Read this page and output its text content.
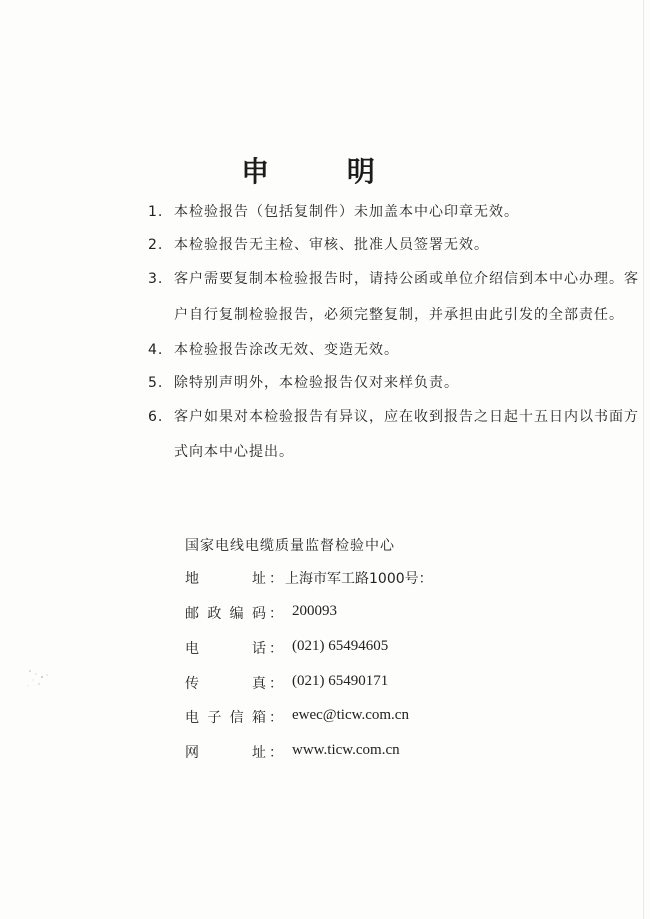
申 明
1. 本检验报告（包括复制件）未加盖本中心印章无效。
2. 本检验报告无主检、审核、批准人员签署无效。
3. 客户需要复制本检验报告时，请持公函或单位介绍信到本中心办理。客
户自行复制检验报告，必须完整复制，并承担由此引发的全部责任。
4. 本检验报告涂改无效、变造无效。
5. 除特别声明外，本检验报告仅对来样负责。
6. 客户如果对本检验报告有异议，应在收到报告之日起十五日内以书面方
式向本中心提出。
国家电线电缆质量监督检验中心
地址 ： 上海市军工路1000号：
邮政编码 ： 200093
电话 ： (021) 65494605
传真 ： (021) 65490171
电子信箱 ： ewec@ticw.com.cn
网址 ： www.ticw.com.cn
